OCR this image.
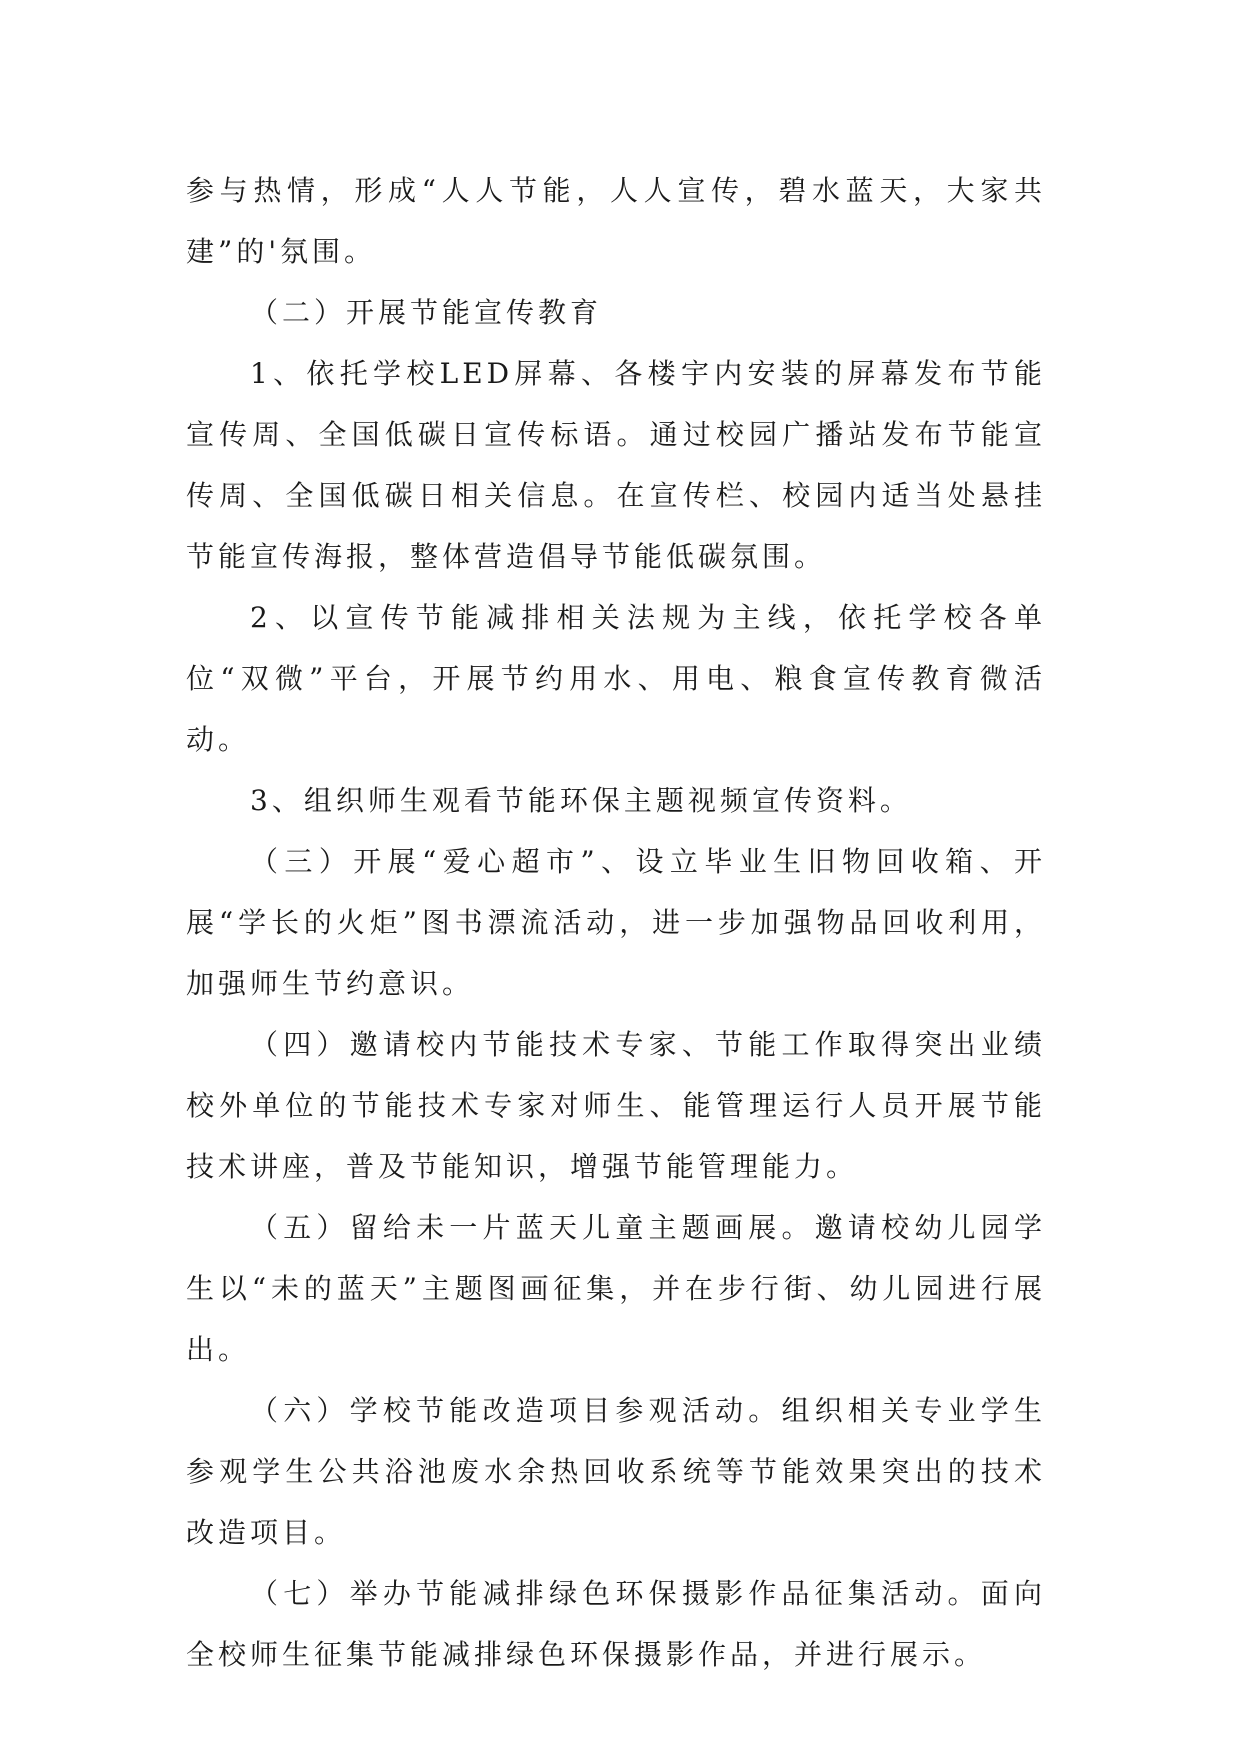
参与热情，形成“人人节能，人人宣传，碧水蓝天，大家共建”的'氛围。

（二）开展节能宣传教育

1、依托学校LED屏幕、各楼宇内安装的屏幕发布节能宣传周、全国低碳日宣传标语。通过校园广播站发布节能宣传周、全国低碳日相关信息。在宣传栏、校园内适当处悬挂节能宣传海报，整体营造倡导节能低碳氛围。

2、以宣传节能减排相关法规为主线，依托学校各单位“双微”平台，开展节约用水、用电、粮食宣传教育微活动。

3、组织师生观看节能环保主题视频宣传资料。

（三）开展“爱心超市”、设立毕业生旧物回收箱、开展“学长的火炬”图书漂流活动，进一步加强物品回收利用，加强师生节约意识。

（四）邀请校内节能技术专家、节能工作取得突出业绩校外单位的节能技术专家对师生、能管理运行人员开展节能技术讲座，普及节能知识，增强节能管理能力。

（五）留给未一片蓝天儿童主题画展。邀请校幼儿园学生以“未的蓝天”主题图画征集，并在步行街、幼儿园进行展出。

（六）学校节能改造项目参观活动。组织相关专业学生参观学生公共浴池废水余热回收系统等节能效果突出的技术改造项目。

（七）举办节能减排绿色环保摄影作品征集活动。面向全校师生征集节能减排绿色环保摄影作品，并进行展示。
